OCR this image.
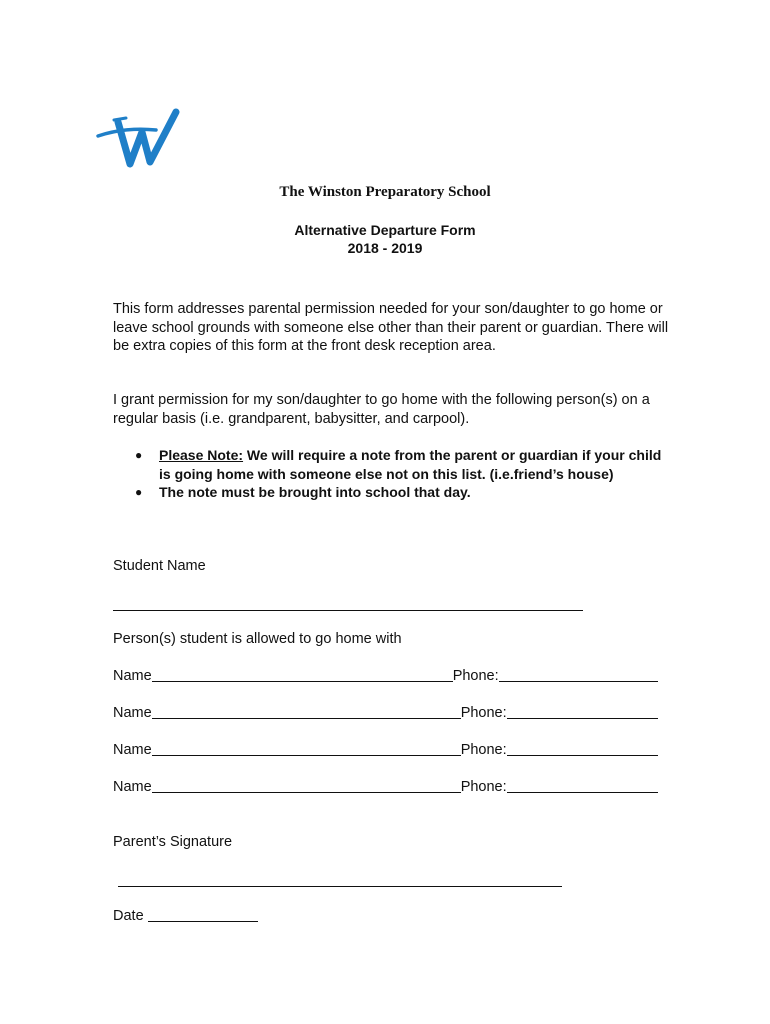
The Winston Preparatory School
Alternative Departure Form
2018 - 2019
This form addresses parental permission needed for your son/daughter to go home or leave school grounds with someone else other than their parent or guardian. There will be extra copies of this form at the front desk reception area.
I grant permission for my son/daughter to go home with the following person(s) on a regular basis (i.e. grandparent, babysitter, and carpool).
● Please Note: We will require a note from the parent or guardian if your child is going home with someone else not on this list. (i.e.friend’s house)
● The note must be brought into school that day.
Student Name
Person(s) student is allowed to go home with
Name	Phone:
Name	Phone:
Name	Phone:
Name	Phone:
Parent’s Signature
Date
